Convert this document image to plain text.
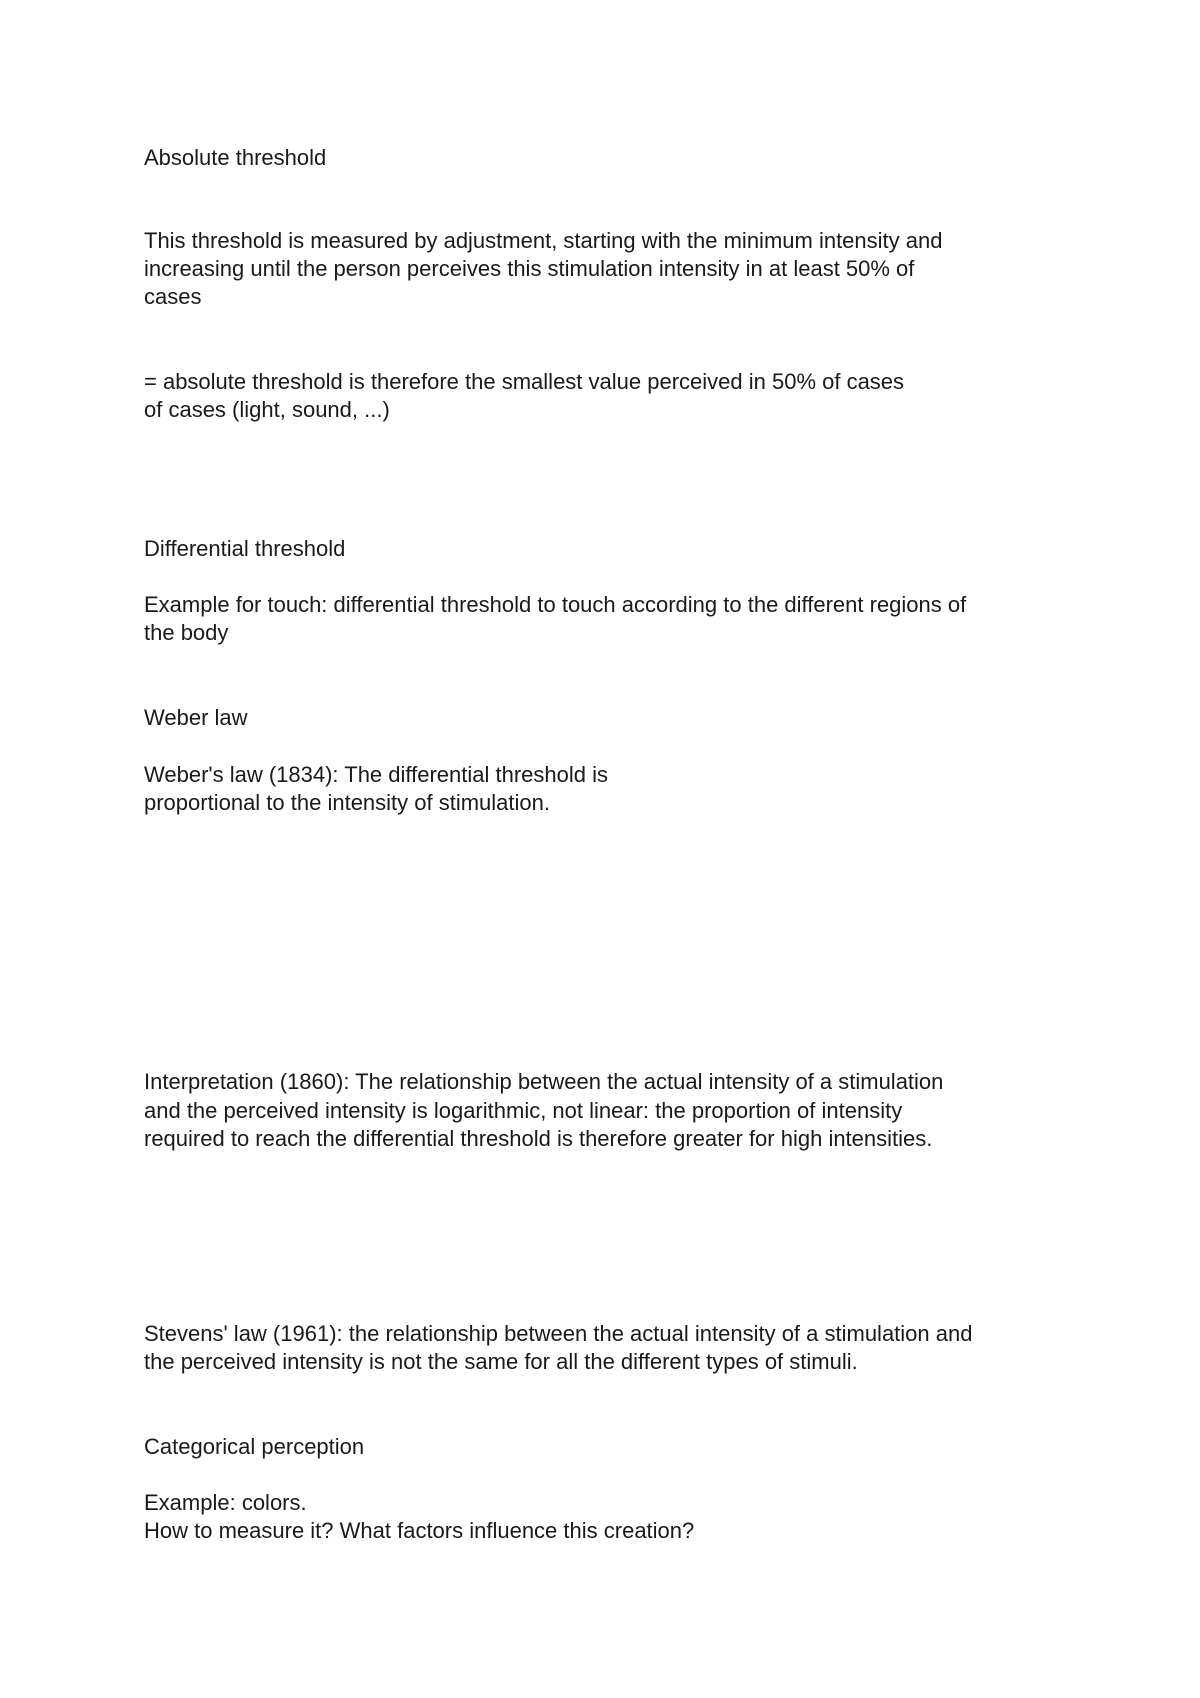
Absolute threshold

This threshold is measured by adjustment, starting with the minimum intensity and

increasing until the person perceives this stimulation intensity in at least 50% of

cases

= absolute threshold is therefore the smallest value perceived in 50% of cases

of cases (light, sound, ...)

Differential threshold

Example for touch: differential threshold to touch according to the different regions of

the body

Weber law

Weber's law (1834): The differential threshold is

proportional to the intensity of stimulation.

Interpretation (1860): The relationship between the actual intensity of a stimulation

and the perceived intensity is logarithmic, not linear: the proportion of intensity

required to reach the differential threshold is therefore greater for high intensities.

Stevens' law (1961): the relationship between the actual intensity of a stimulation and

the perceived intensity is not the same for all the different types of stimuli.

Categorical perception

Example: colors.

How to measure it? What factors influence this creation?
